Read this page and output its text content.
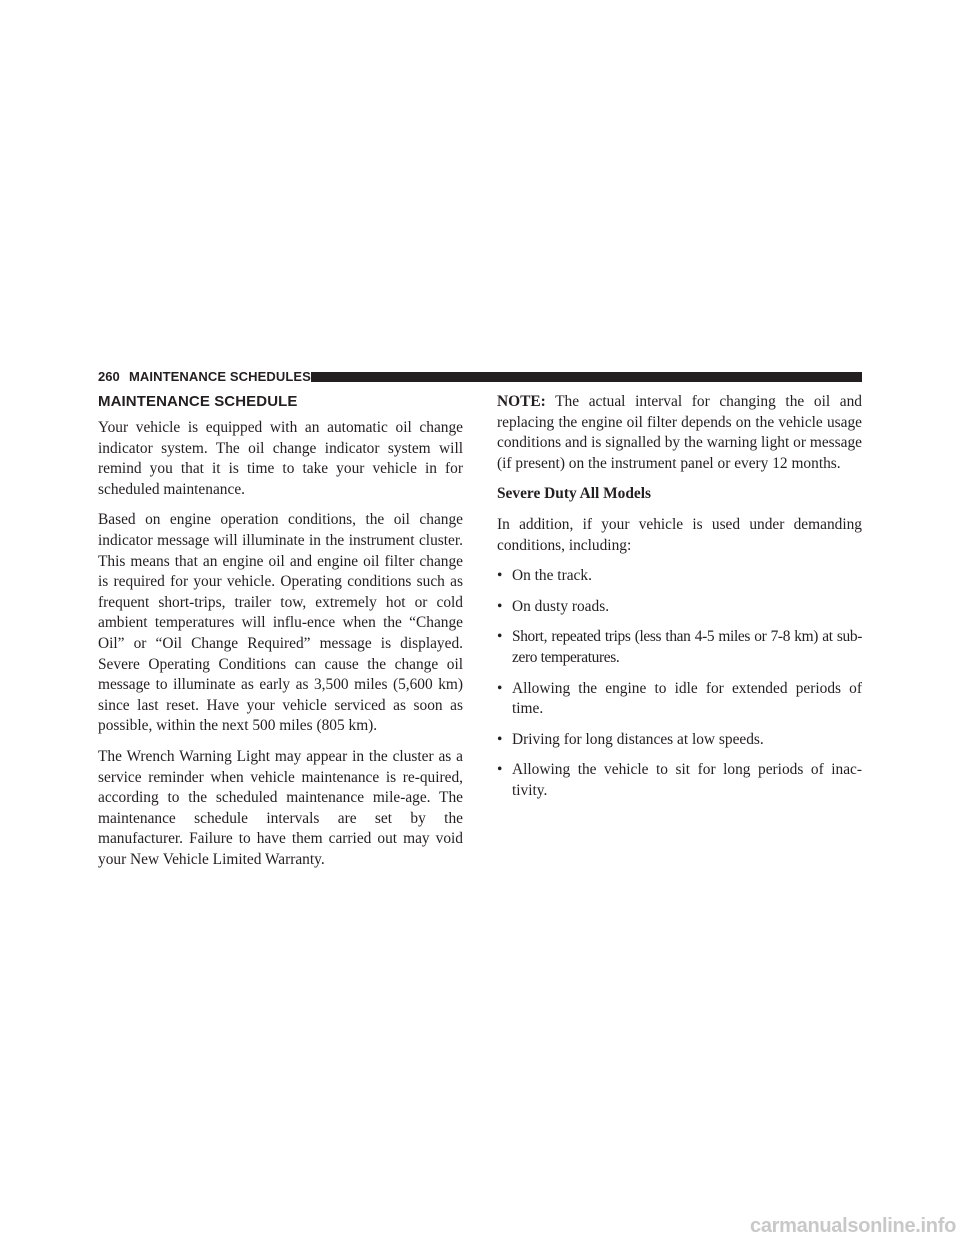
260 MAINTENANCE SCHEDULES
MAINTENANCE SCHEDULE

Your vehicle is equipped with an automatic oil change indicator system. The oil change indicator system will remind you that it is time to take your vehicle in for scheduled maintenance.

Based on engine operation conditions, the oil change indicator message will illuminate in the instrument cluster. This means that an engine oil and engine oil filter change is required for your vehicle. Operating conditions such as frequent short-trips, trailer tow, extremely hot or cold ambient temperatures will influ-ence when the “Change Oil” or “Oil Change Required” message is displayed. Severe Operating Conditions can cause the change oil message to illuminate as early as 3,500 miles (5,600 km) since last reset. Have your vehicle serviced as soon as possible, within the next 500 miles (805 km).

The Wrench Warning Light may appear in the cluster as a service reminder when vehicle maintenance is re-quired, according to the scheduled maintenance mile-age. The maintenance schedule intervals are set by the manufacturer. Failure to have them carried out may void your New Vehicle Limited Warranty.

NOTE: The actual interval for changing the oil and replacing the engine oil filter depends on the vehicle usage conditions and is signalled by the warning light or message (if present) on the instrument panel or every 12 months.

Severe Duty All Models

In addition, if your vehicle is used under demanding conditions, including:

• On the track.
• On dusty roads.
• Short, repeated trips (less than 4-5 miles or 7-8 km) at sub-zero temperatures.
• Allowing the engine to idle for extended periods of time.
• Driving for long distances at low speeds.
• Allowing the vehicle to sit for long periods of inac-tivity.
carmanualsonline.info
